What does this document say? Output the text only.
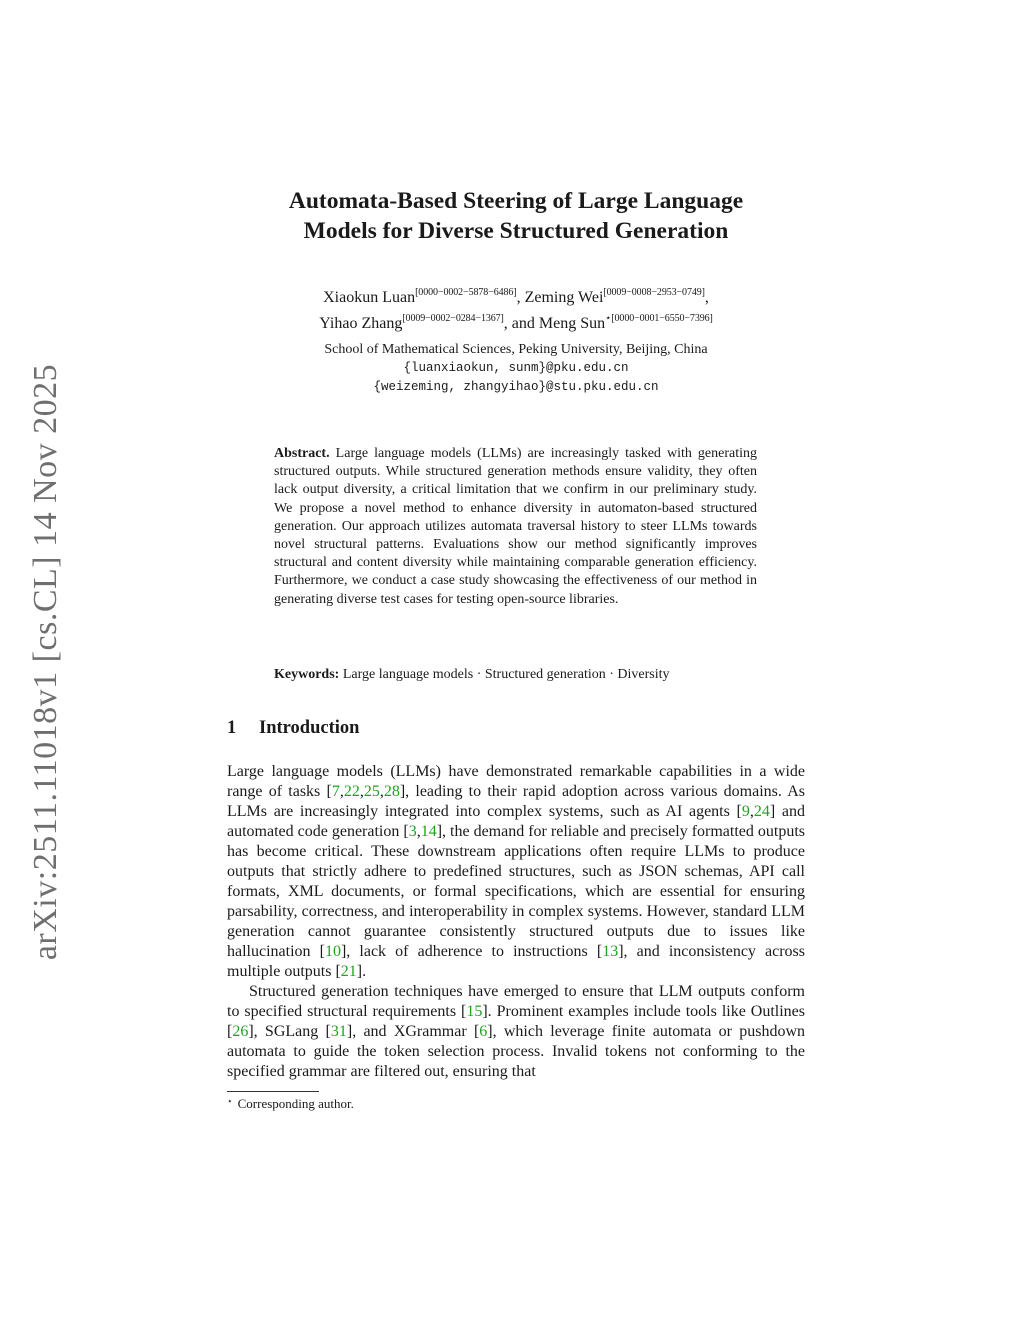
arXiv:2511.11018v1 [cs.CL] 14 Nov 2025
Automata-Based Steering of Large Language
Models for Diverse Structured Generation
Xiaokun Luan[0000−0002−5878−6486], Zeming Wei[0009−0008−2953−0749],
Yihao Zhang[0009−0002−0284−1367], and Meng Sun$^{⋆[0000-0001-6550-7396]}$
School of Mathematical Sciences, Peking University, Beijing, China
{luanxiaokun, sunm}@pku.edu.cn
{weizeming, zhangyihao}@stu.pku.edu.cn
Abstract. Large language models (LLMs) are increasingly tasked with generating structured outputs. While structured generation methods ensure validity, they often lack output diversity, a critical limitation that we confirm in our preliminary study. We propose a novel method to enhance diversity in automaton-based structured generation. Our approach utilizes automata traversal history to steer LLMs towards novel structural patterns. Evaluations show our method significantly improves structural and content diversity while maintaining comparable generation efficiency. Furthermore, we conduct a case study showcasing the effectiveness of our method in generating diverse test cases for testing open-source libraries.
Keywords: Large language models · Structured generation · Diversity
1 Introduction

Large language models (LLMs) have demonstrated remarkable capabilities in a wide range of tasks [7,22,25,28], leading to their rapid adoption across various domains. As LLMs are increasingly integrated into complex systems, such as AI agents [9,24] and automated code generation [3,14], the demand for reliable and precisely formatted outputs has become critical. These downstream applications often require LLMs to produce outputs that strictly adhere to predefined structures, such as JSON schemas, API call formats, XML documents, or formal specifications, which are essential for ensuring parsability, correctness, and interoperability in complex systems. However, standard LLM generation cannot guarantee consistently structured outputs due to issues like hallucination [10], lack of adherence to instructions [13], and inconsistency across multiple outputs [21].

Structured generation techniques have emerged to ensure that LLM outputs conform to specified structural requirements [15]. Prominent examples include tools like Outlines [26], SGLang [31], and XGrammar [6], which leverage finite automata or pushdown automata to guide the token selection process. Invalid tokens not conforming to the specified grammar are filtered out, ensuring that

⋆ Corresponding author.
